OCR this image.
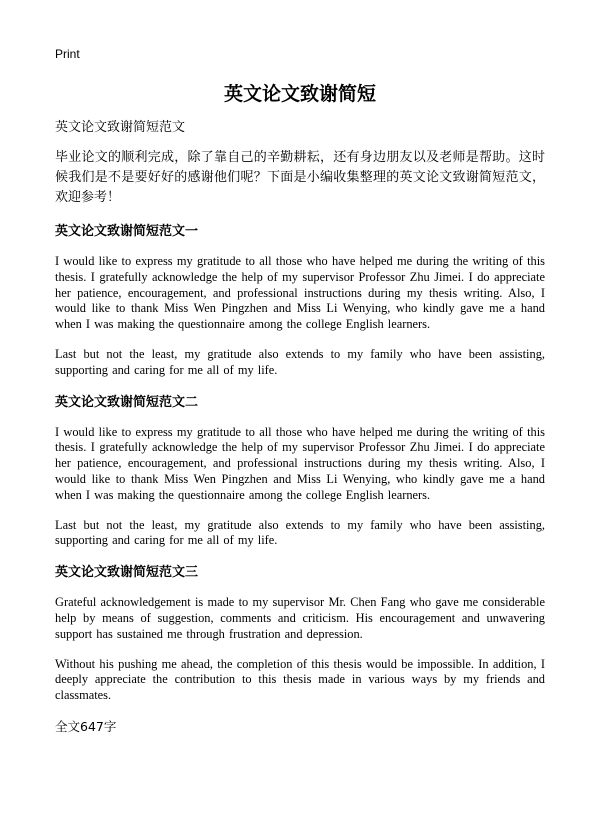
Print
英文论文致谢简短

英文论文致谢简短范文

毕业论文的顺利完成，除了靠自己的辛勤耕耘，还有身边朋友以及老师是帮助。这时候我们是不是要好好的感谢他们呢？下面是小编收集整理的英文论文致谢简短范文，欢迎参考！

英文论文致谢简短范文一

I would like to express my gratitude to all those who have helped me during the writing of this thesis. I gratefully acknowledge the help of my supervisor Professor Zhu Jimei. I do appreciate her patience, encouragement, and professional instructions during my thesis writing. Also, I would like to thank Miss Wen Pingzhen and Miss Li Wenying, who kindly gave me a hand when I was making the questionnaire among the college English learners.

Last but not the least, my gratitude also extends to my family who have been assisting, supporting and caring for me all of my life.

英文论文致谢简短范文二

I would like to express my gratitude to all those who have helped me during the writing of this thesis. I gratefully acknowledge the help of my supervisor Professor Zhu Jimei. I do appreciate her patience, encouragement, and professional instructions during my thesis writing. Also, I would like to thank Miss Wen Pingzhen and Miss Li Wenying, who kindly gave me a hand when I was making the questionnaire among the college English learners.

Last but not the least, my gratitude also extends to my family who have been assisting, supporting and caring for me all of my life.

英文论文致谢简短范文三

Grateful acknowledgement is made to my supervisor Mr. Chen Fang who gave me considerable help by means of suggestion, comments and criticism. His encouragement and unwavering support has sustained me through frustration and depression.

Without his pushing me ahead, the completion of this thesis would be impossible. In addition, I deeply appreciate the contribution to this thesis made in various ways by my friends and classmates.

全文647字
